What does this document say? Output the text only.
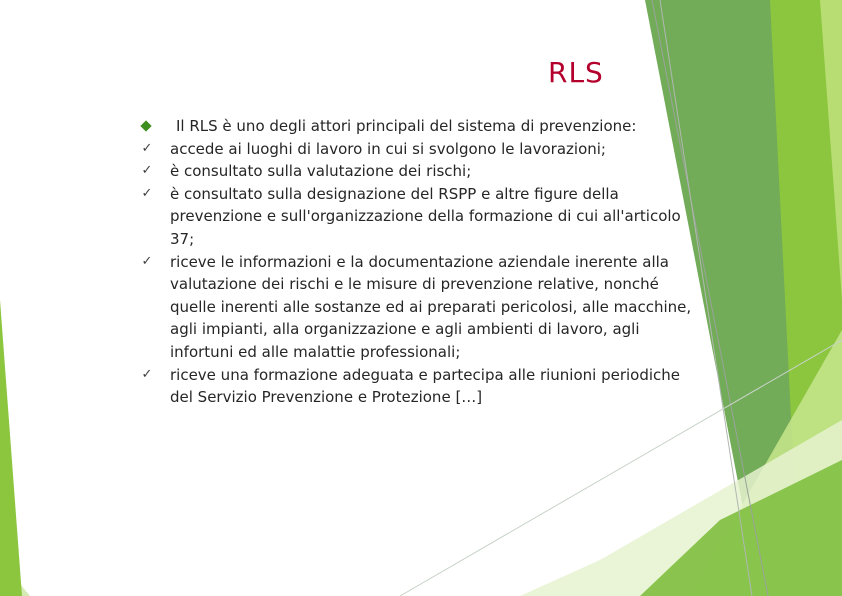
RLS
Il RLS è uno degli attori principali del sistema di prevenzione:
✓ accede ai luoghi di lavoro in cui si svolgono le lavorazioni;
✓ è consultato sulla valutazione dei rischi;
✓ è consultato sulla designazione del RSPP e altre figure della prevenzione e sull'organizzazione della formazione di cui all'articolo 37;
✓ riceve le informazioni e la documentazione aziendale inerente alla valutazione dei rischi e le misure di prevenzione relative, nonché quelle inerenti alle sostanze ed ai preparati pericolosi, alle macchine, agli impianti, alla organizzazione e agli ambienti di lavoro, agli infortuni ed alle malattie professionali;
✓ riceve una formazione adeguata e partecipa alle riunioni periodiche del Servizio Prevenzione e Protezione […]
